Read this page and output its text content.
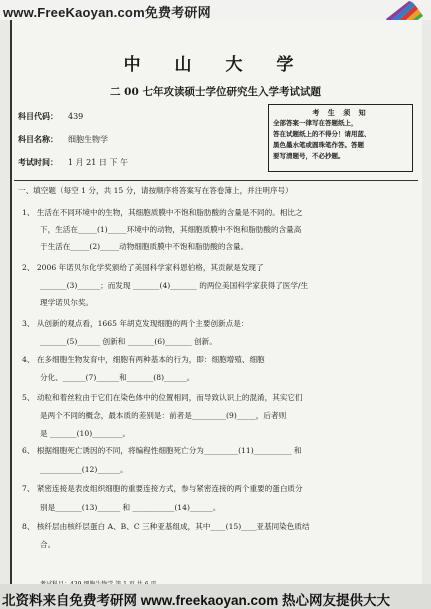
www.FreeKaoyan.com免费考研网
中 山 大 学
二 00 七年攻读硕士学位研究生入学考试试题
科目代码： 439
科目名称： 细胞生物学
考试时间： 1 月 21 日 下 午
考 生 须 知
全部答案一律写在答题纸上，
答在试题纸上的不得分！请用蓝、
黑色墨水笔或圆珠笔作答。答题
要写清题号，不必抄题。
一、填空题（每空 1 分，共 15 分，请按顺序将答案写在答卷簿上，并注明序号）
1、 生活在不同环境中的生物，其细胞质膜中不饱和脂肪酸的含量是不同的。相比之
下，生活在_____(1)_____环境中的动物，其细胞质膜中不饱和脂肪酸的含量高
于生活在_____(2)_____动物细胞质膜中不饱和脂肪酸的含量。
2、 2006 年诺贝尔化学奖颁给了美国科学家科恩伯格，其贡献是发现了
_______(3)______；而发现 _______(4)_______ 的两位美国科学家获得了医学/生
理学诺贝尔奖。
3、 从创新的观点看，1665 年胡克发现细胞的两个主要创新点是：
_______(5)______ 创新和 _______(6)_______ 创新。
4、 在多细胞生物发育中，细胞有两种基本的行为，即：细胞增殖、细胞
分化、______(7)______和_______(8)______。
5、 动粒和着丝粒由于它们在染色体中的位置相同，而导致认识上的混淆，其实它们
是两个不同的概念，最本质的差别是：前者是_________(9)_____，后者则
是 _______(10)________。
6、 根据细胞死亡诱因的不同，将编程性细胞死亡分为_________(11)__________ 和
___________(12)______。
7、 紧密连接是表皮组织细胞的重要连接方式，参与紧密连接的两个重要的蛋白质分
别是_______(13)______ 和 ___________(14)______。
8、 核纤层由核纤层蛋白 A、B、C 三种亚基组成，其中____(15)____亚基同染色质结
合。
北资料来自免费考研网 www.freekaoyan.com 热心网友提供大大
